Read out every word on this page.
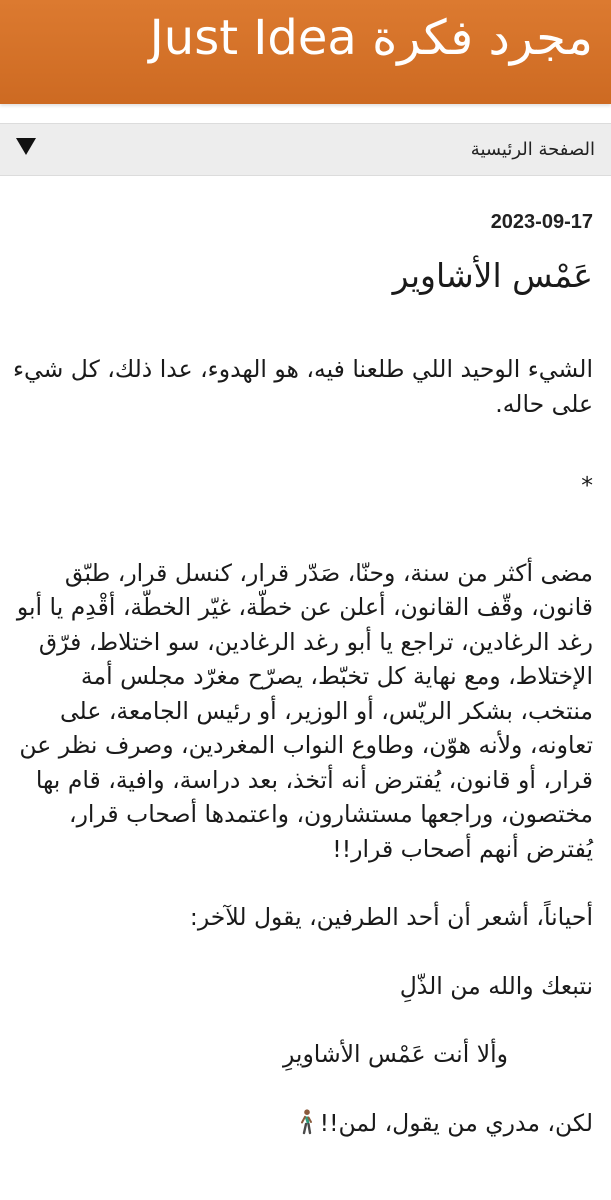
مجرد فكرة Just Idea
الصفحة الرئيسية
2023-09-17
عَمْس الأشاوير

الشيء الوحيد اللي طلعنا فيه، هو الهدوء، عدا ذلك، كل شيء على حاله.

*

مضى أكثر من سنة، وحنّا، صَدّر قرار، كنسل قرار، طبّق قانون، وقّف القانون، أعلن عن خطّة، غيّر الخطّة، أقْدِم يا أبو رغد الرغادين، تراجع يا أبو رغد الرغادين، سو اختلاط، فرّق الإختلاط، ومع نهاية كل تخبّط، يصرّح مغرّد مجلس أمة منتخب، بشكر الريّس، أو الوزير، أو رئيس الجامعة، على تعاونه، ولأنه هوّن، وطاوع النواب المغردين، وصرف نظر عن قرار، أو قانون، يُفترض أنه أتخذ، بعد دراسة، وافية، قام بها مختصون، وراجعها مستشارون، واعتمدها أصحاب قرار، يُفترض أنهم أصحاب قرار!!

أحياناً، أشعر أن أحد الطرفين، يقول للآخر:

نتبعك والله من الذّلِ

وألا أنت عَمْس الأشاويرِ

لكن، مدري من يقول، لمن!!
